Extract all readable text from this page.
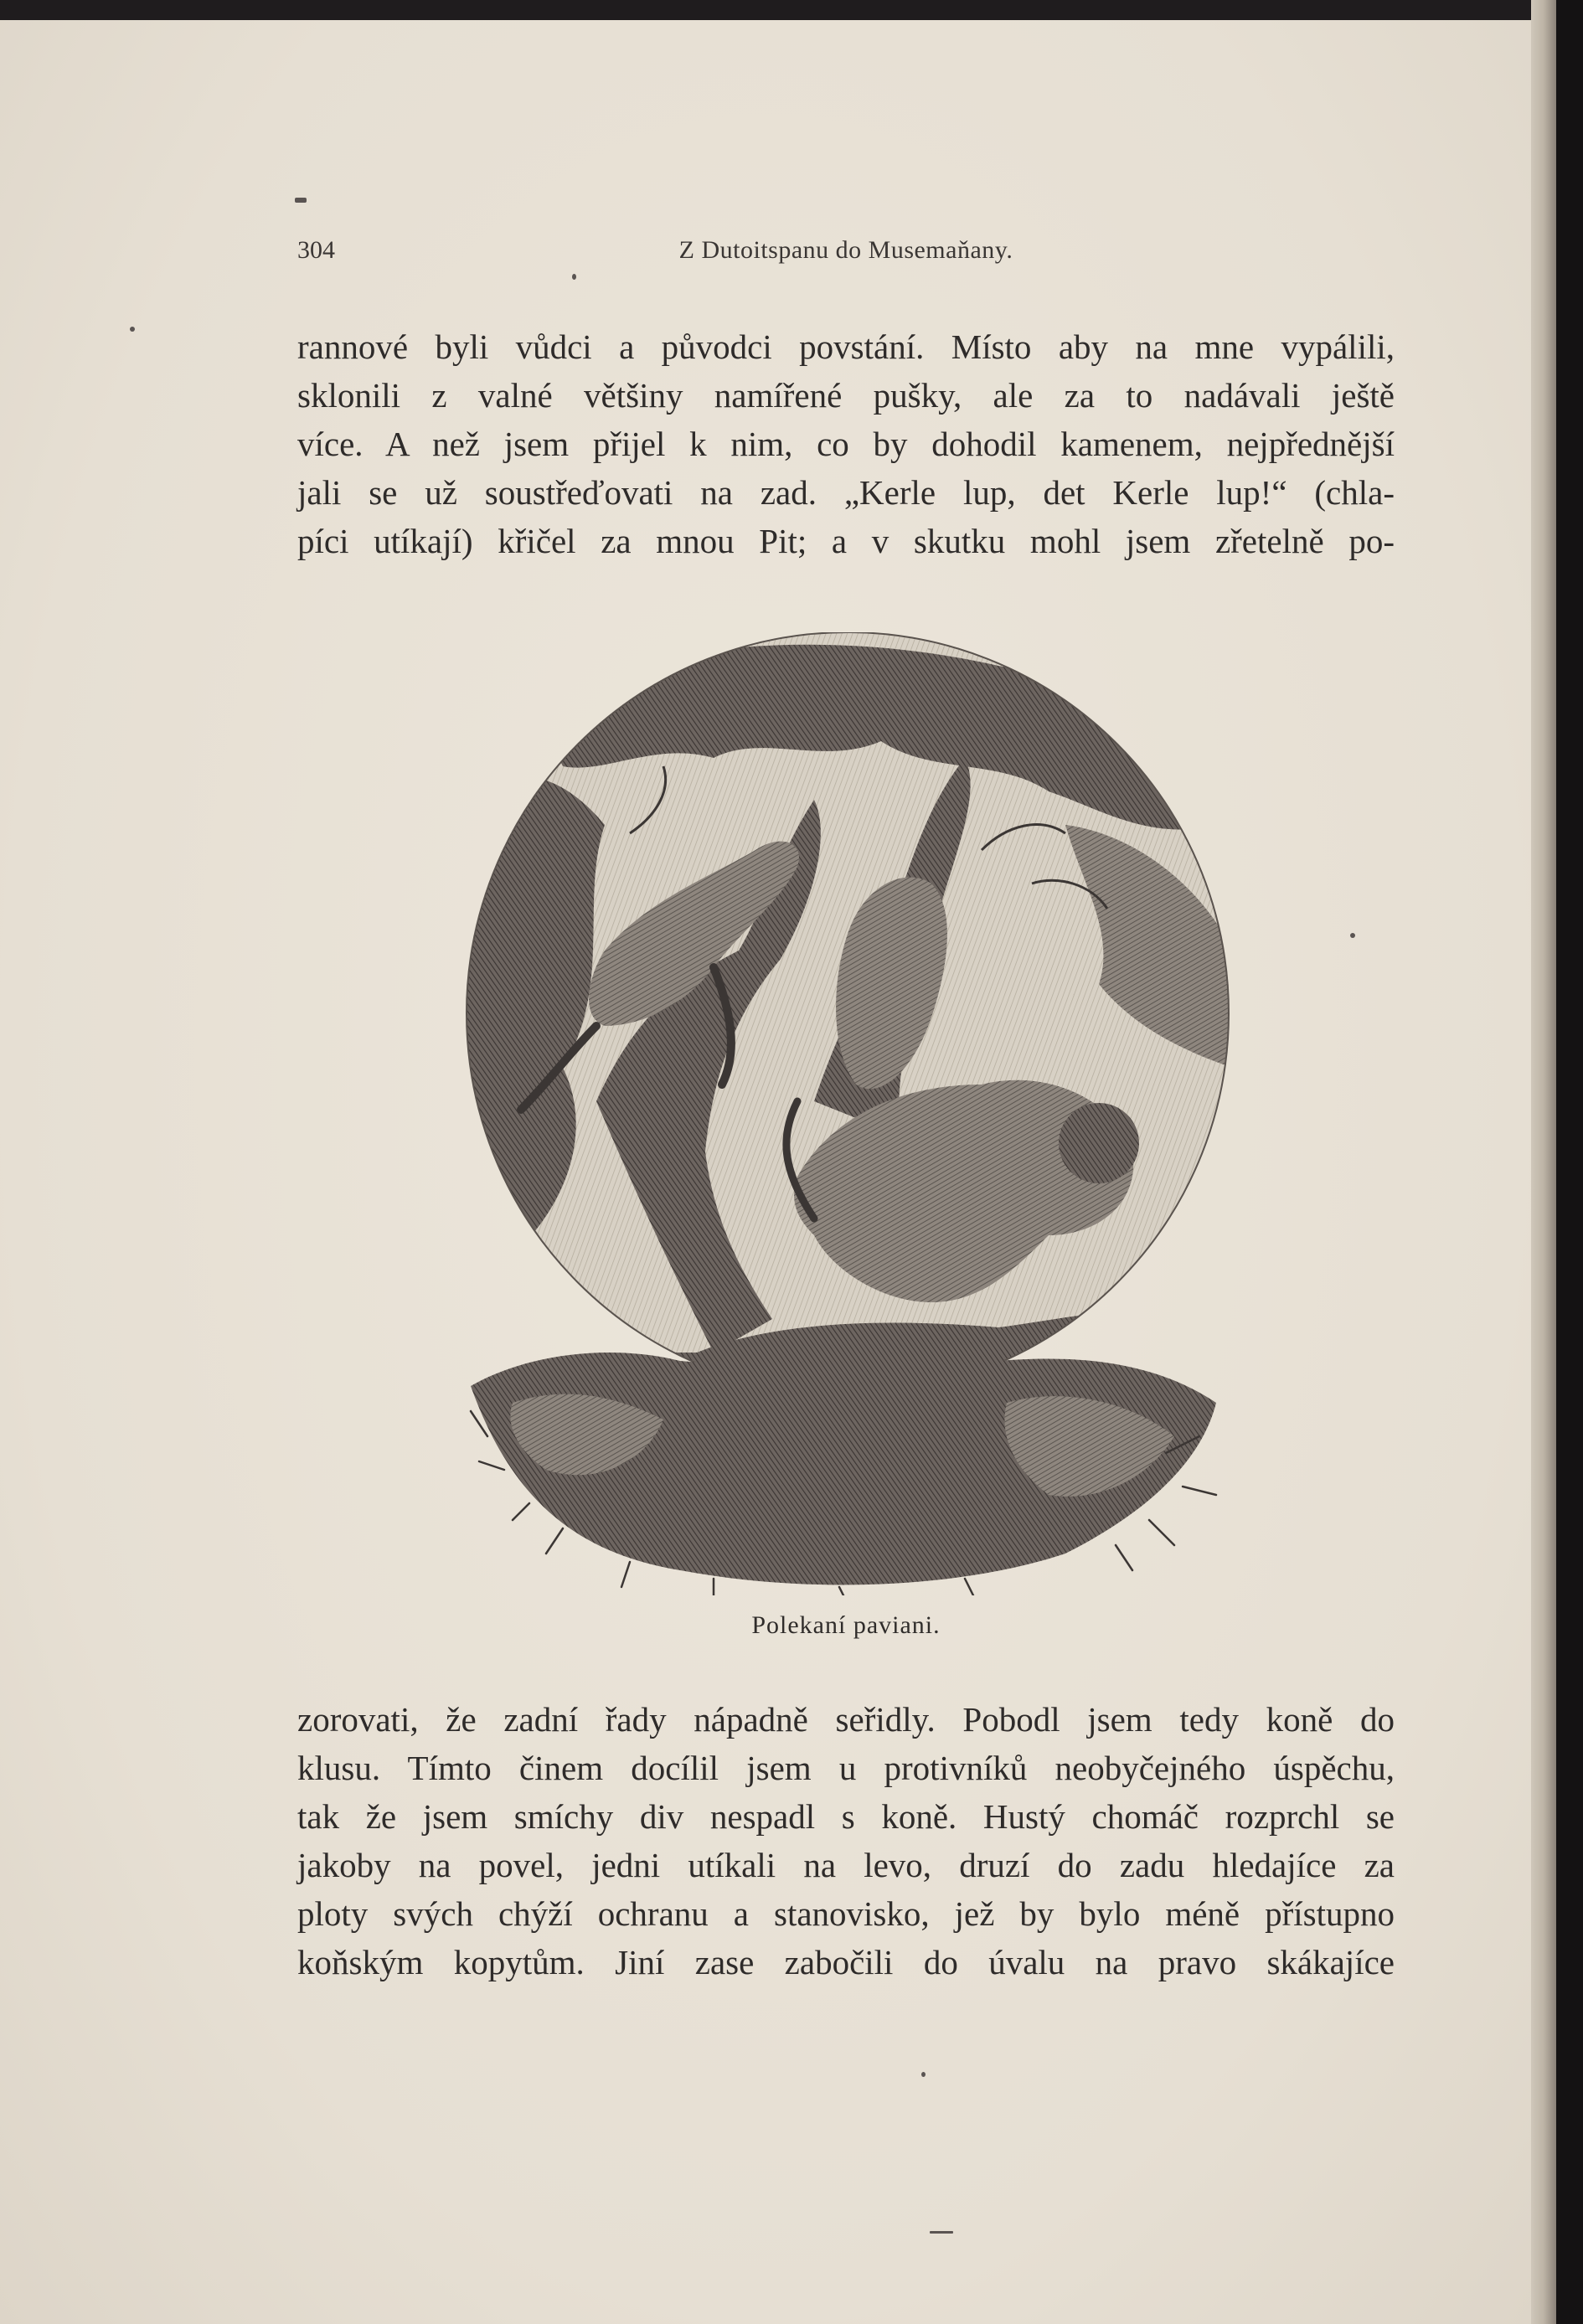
304	Z Dutoitspanu do Musemaňany.
rannové byli vůdci a původci povstání. Místo aby na mne vypálili,
sklonili z valné většiny namířené pušky, ale za to nadávali ještě
více. A než jsem přijel k nim, co by dohodil kamenem, nejpřednější
jali se už soustřeďovati na zad. „Kerle lup, det Kerle lup!“ (chla-
píci utíkají) křičel za mnou Pit; a v skutku mohl jsem zřetelně po-
Polekaní paviani.
zorovati, že zadní řady nápadně seřidly. Pobodl jsem tedy koně do
klusu. Tímto činem docílil jsem u protivníků neobyčejného úspěchu,
tak že jsem smíchy div nespadl s koně. Hustý chomáč rozprchl se
jakoby na povel, jedni utíkali na levo, druzí do zadu hledajíce za
ploty svých chýží ochranu a stanovisko, jež by bylo méně přístupno
koňským kopytům. Jiní zase zabočili do úvalu na pravo skákajíce
